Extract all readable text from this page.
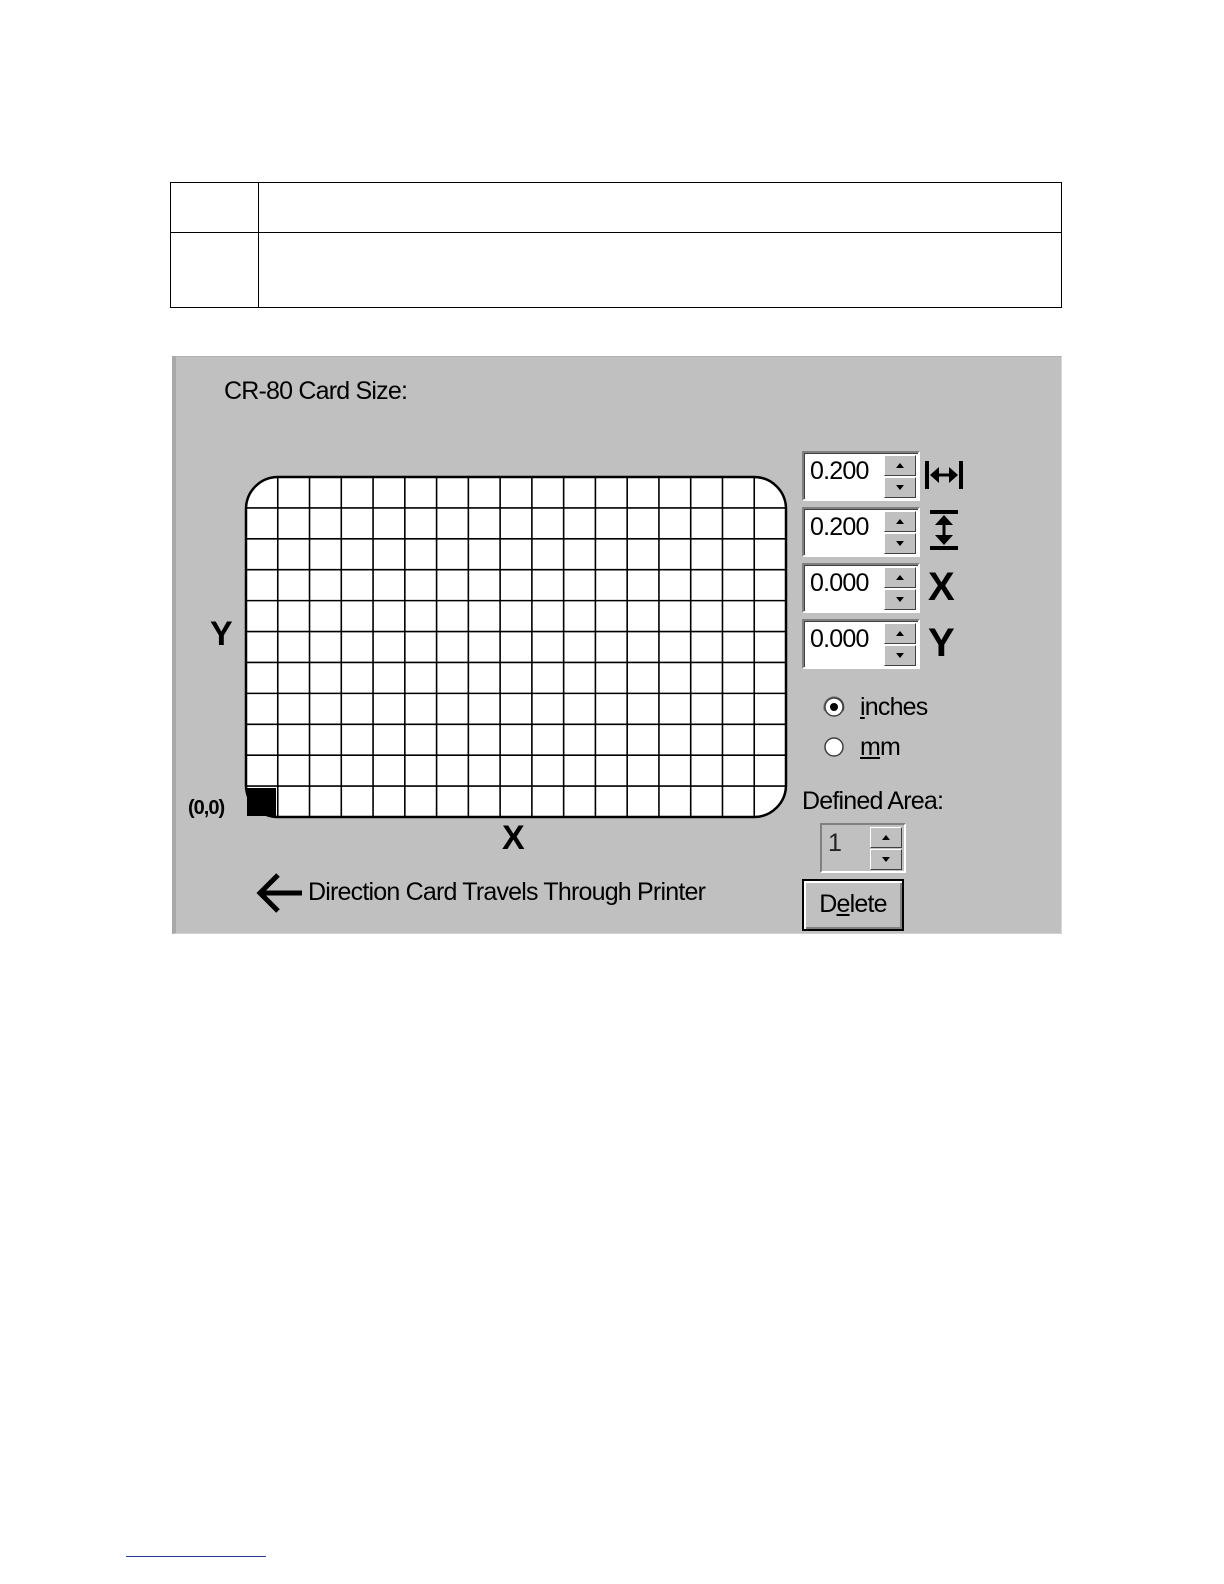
CR-80 Card Size:
Y
(0,0)
X
Direction Card Travels Through Printer
0.200
0.200
0.000 X
0.000 Y
inches
mm
Defined Area:
1
Delete
